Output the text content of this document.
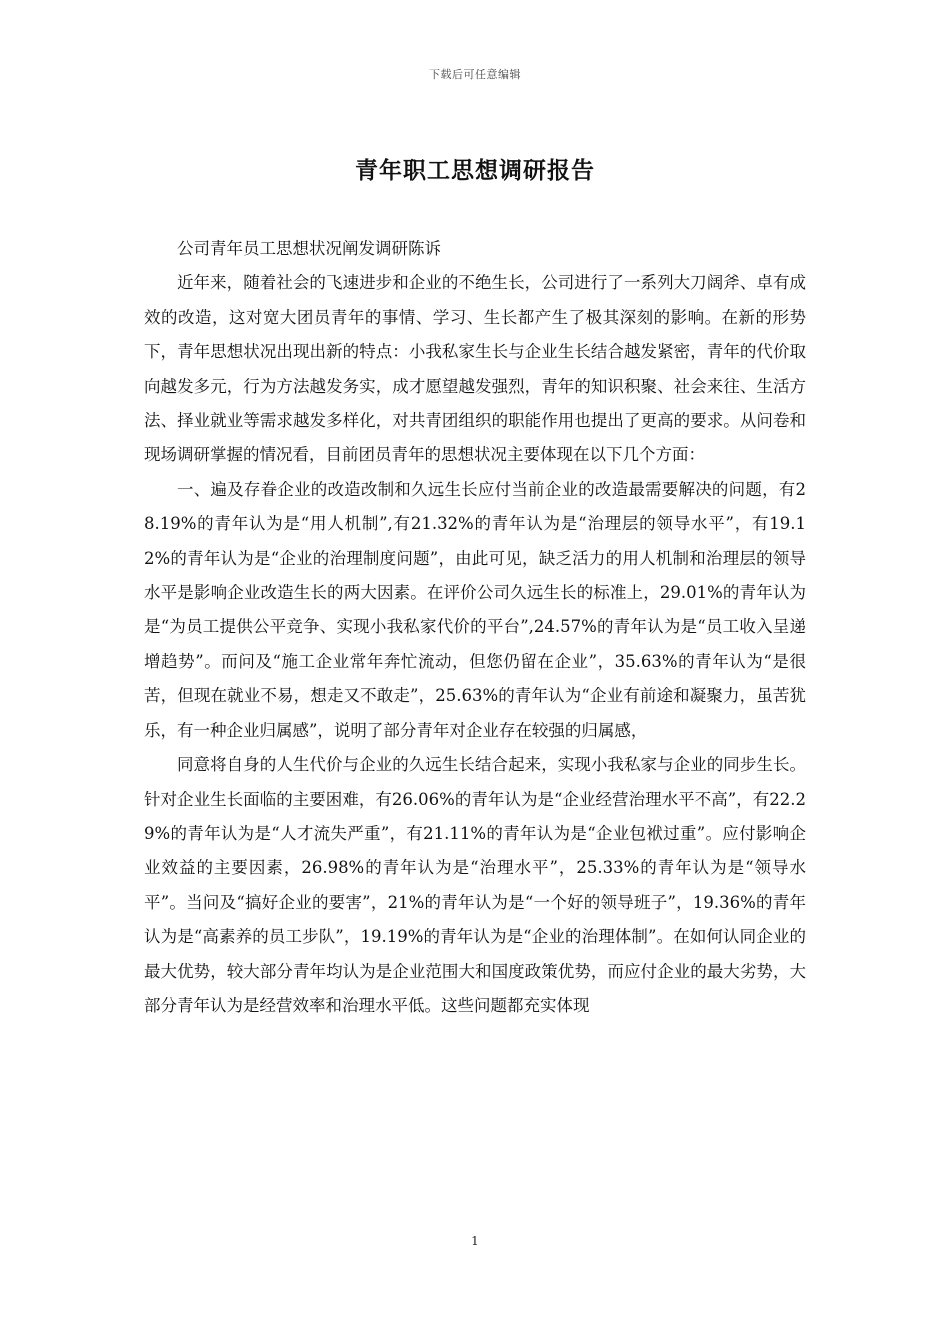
下载后可任意编辑
青年职工思想调研报告

公司青年员工思想状况阐发调研陈诉

近年来，随着社会的飞速进步和企业的不绝生长，公司进行了一系列大刀阔斧、卓有成效的改造，这对宽大团员青年的事情、学习、生长都产生了极其深刻的影响。在新的形势下，青年思想状况出现出新的特点：小我私家生长与企业生长结合越发紧密，青年的代价取向越发多元，行为方法越发务实，成才愿望越发强烈，青年的知识积聚、社会来往、生活方法、择业就业等需求越发多样化，对共青团组织的职能作用也提出了更高的要求。从问卷和现场调研掌握的情况看，目前团员青年的思想状况主要体现在以下几个方面：

一、遍及存眷企业的改造改制和久远生长应付当前企业的改造最需要解决的问题，有28.19%的青年认为是“用人机制”,有21.32%的青年认为是“治理层的领导水平”，有19.12%的青年认为是“企业的治理制度问题”，由此可见，缺乏活力的用人机制和治理层的领导水平是影响企业改造生长的两大因素。在评价公司久远生长的标准上，29.01%的青年认为是“为员工提供公平竞争、实现小我私家代价的平台”,24.57%的青年认为是“员工收入呈递增趋势”。而问及“施工企业常年奔忙流动，但您仍留在企业”，35.63%的青年认为“是很苦，但现在就业不易，想走又不敢走”，25.63%的青年认为“企业有前途和凝聚力，虽苦犹乐，有一种企业归属感”，说明了部分青年对企业存在较强的归属感，

同意将自身的人生代价与企业的久远生长结合起来，实现小我私家与企业的同步生长。针对企业生长面临的主要困难，有26.06%的青年认为是“企业经营治理水平不高”，有22.29%的青年认为是“人才流失严重”，有21.11%的青年认为是“企业包袱过重”。应付影响企业效益的主要因素，26.98%的青年认为是“治理水平”，25.33%的青年认为是“领导水平”。当问及“搞好企业的要害”，21%的青年认为是“一个好的领导班子”，19.36%的青年认为是“高素养的员工步队”，19.19%的青年认为是“企业的治理体制”。在如何认同企业的最大优势，较大部分青年均认为是企业范围大和国度政策优势，而应付企业的最大劣势，大部分青年认为是经营效率和治理水平低。这些问题都充实体现

1
